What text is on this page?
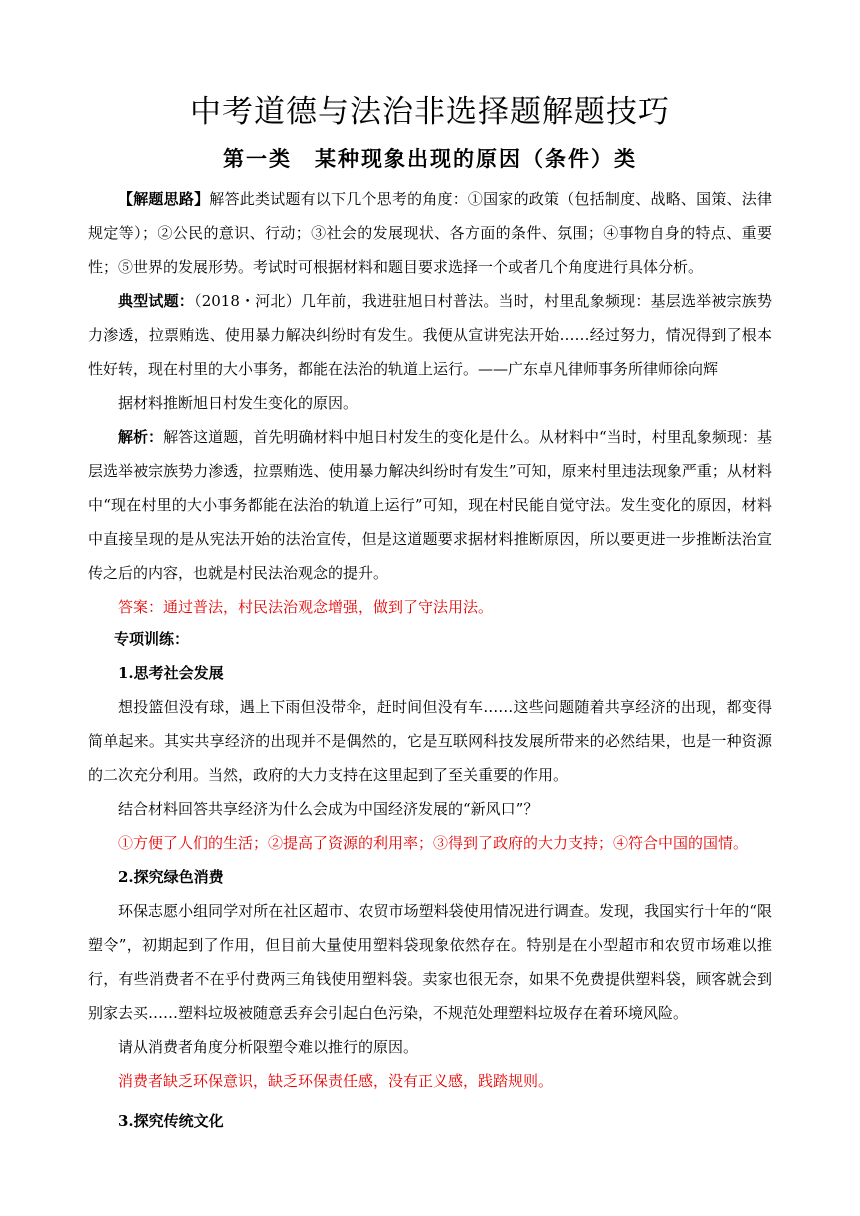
中考道德与法治非选择题解题技巧
第一类　某种现象出现的原因（条件）类

【解题思路】解答此类试题有以下几个思考的角度：①国家的政策（包括制度、战略、国策、法律规定等）；②公民的意识、行动；③社会的发展现状、各方面的条件、氛围；④事物自身的特点、重要性；⑤世界的发展形势。考试时可根据材料和题目要求选择一个或者几个角度进行具体分析。

典型试题：（2018・河北）几年前，我进驻旭日村普法。当时，村里乱象频现：基层选举被宗族势力渗透，拉票贿选、使用暴力解决纠纷时有发生。我便从宣讲宪法开始……经过努力，情况得到了根本性好转，现在村里的大小事务，都能在法治的轨道上运行。——广东卓凡律师事务所律师徐向辉

据材料推断旭日村发生变化的原因。

解析：解答这道题，首先明确材料中旭日村发生的变化是什么。从材料中“当时，村里乱象频现：基层选举被宗族势力渗透，拉票贿选、使用暴力解决纠纷时有发生”可知，原来村里违法现象严重；从材料中“现在村里的大小事务都能在法治的轨道上运行”可知，现在村民能自觉守法。发生变化的原因，材料中直接呈现的是从宪法开始的法治宣传，但是这道题要求据材料推断原因，所以要更进一步推断法治宣传之后的内容，也就是村民法治观念的提升。

答案：通过普法，村民法治观念增强，做到了守法用法。

专项训练：

1.思考社会发展

想投篮但没有球，遇上下雨但没带伞，赶时间但没有车……这些问题随着共享经济的出现，都变得简单起来。其实共享经济的出现并不是偶然的，它是互联网科技发展所带来的必然结果，也是一种资源的二次充分利用。当然，政府的大力支持在这里起到了至关重要的作用。

结合材料回答共享经济为什么会成为中国经济发展的“新风口”？

①方便了人们的生活；②提高了资源的利用率；③得到了政府的大力支持；④符合中国的国情。

2.探究绿色消费

环保志愿小组同学对所在社区超市、农贸市场塑料袋使用情况进行调查。发现，我国实行十年的“限塑令”，初期起到了作用，但目前大量使用塑料袋现象依然存在。特别是在小型超市和农贸市场难以推行，有些消费者不在乎付费两三角钱使用塑料袋。卖家也很无奈，如果不免费提供塑料袋，顾客就会到别家去买……塑料垃圾被随意丢弃会引起白色污染，不规范处理塑料垃圾存在着环境风险。

请从消费者角度分析限塑令难以推行的原因。

消费者缺乏环保意识，缺乏环保责任感，没有正义感，践踏规则。

3.探究传统文化
